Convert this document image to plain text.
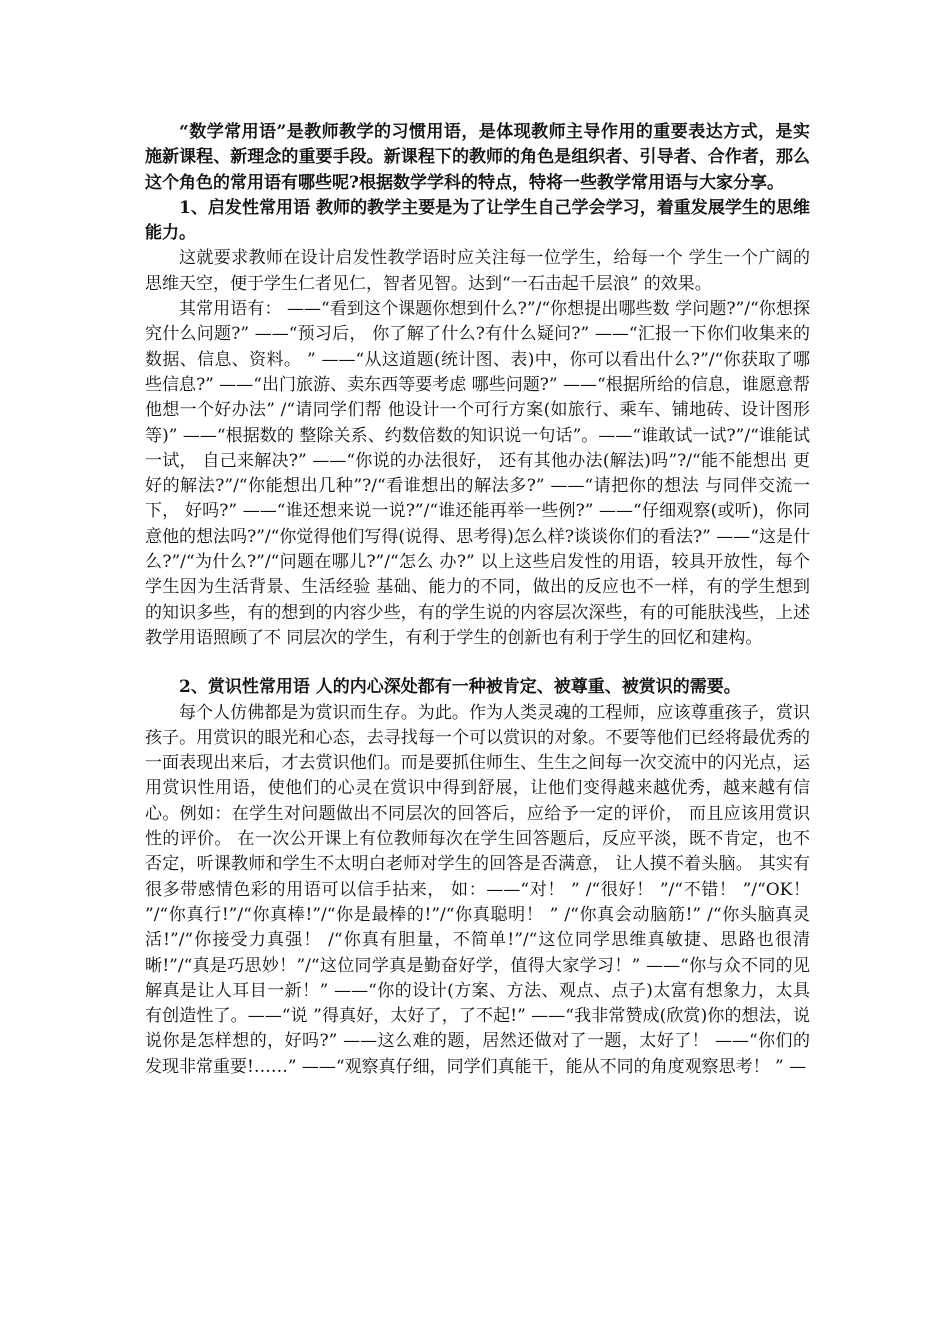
“数学常用语”是教师教学的习惯用语，是体现教师主导作用的重要表达方式，是实施新课程、新理念的重要手段。新课程下的教师的角色是组织者、引导者、合作者，那么这个角色的常用语有哪些呢?根据数学学科的特点，特将一些教学常用语与大家分享。

1、启发性常用语 教师的教学主要是为了让学生自己学会学习，着重发展学生的思维能力。

这就要求教师在设计启发性教学语时应关注每一位学生，给每一个 学生一个广阔的思维天空，便于学生仁者见仁，智者见智。达到“一石击起千层浪” 的效果。

其常用语有： ——“看到这个课题你想到什么?”/“你想提出哪些数 学问题?”/“你想探究什么问题?” ——“预习后， 你了解了什么?有什么疑问?” ——“汇报一下你们收集来的数据、信息、资料。 ” ——“从这道题(统计图、表)中，你可以看出什么?”/“你获取了哪些信息?” ——“出门旅游、卖东西等要考虑 哪些问题?” ——“根据所给的信息，谁愿意帮他想一个好办法” /“请同学们帮 他设计一个可行方案(如旅行、乘车、铺地砖、设计图形等)” ——“根据数的 整除关系、约数倍数的知识说一句话”。——“谁敢试一试?”/“谁能试一试， 自己来解决?” ——“你说的办法很好， 还有其他办法(解法)吗”?/“能不能想出 更好的解法?”/“你能想出几种”?/“看谁想出的解法多?” ——“请把你的想法 与同伴交流一下， 好吗?” ——“谁还想来说一说?”/“谁还能再举一些例?” ——“仔细观察(或听)，你同意他的想法吗?”/“你觉得他们写得(说得、思考得)怎么样?谈谈你们的看法?” ——“这是什么?”/“为什么?”/“问题在哪儿?”/“怎么 办?” 以上这些启发性的用语，较具开放性，每个学生因为生活背景、生活经验 基础、能力的不同，做出的反应也不一样，有的学生想到的知识多些，有的想到的内容少些，有的学生说的内容层次深些，有的可能肤浅些，上述教学用语照顾了不 同层次的学生，有利于学生的创新也有利于学生的回忆和建构。

2、赏识性常用语 人的内心深处都有一种被肯定、被尊重、被赏识的需要。

每个人仿佛都是为赏识而生存。为此。作为人类灵魂的工程师，应该尊重孩子，赏识孩子。用赏识的眼光和心态，去寻找每一个可以赏识的对象。不要等他们已经将最优秀的一面表现出来后，才去赏识他们。而是要抓住师生、生生之间每一次交流中的闪光点，运用赏识性用语，使他们的心灵在赏识中得到舒展，让他们变得越来越优秀，越来越有信心。例如：在学生对问题做出不同层次的回答后，应给予一定的评价， 而且应该用赏识性的评价。 在一次公开课上有位教师每次在学生回答题后，反应平淡，既不肯定，也不否定，听课教师和学生不太明白老师对学生的回答是否满意， 让人摸不着头脑。 其实有很多带感情色彩的用语可以信手拈来， 如：——“对！ ” /“很好！ ”/“不错！ ”/“OK！ ”/“你真行!”/“你真棒!”/“你是最棒的!”/“你真聪明！ ” /“你真会动脑筋!” /“你头脑真灵活!”/“你接受力真强！ /“你真有胆量，不简单!”/“这位同学思维真敏捷、思路也很清晰!”/“真是巧思妙！”/“这位同学真是勤奋好学，值得大家学习！” ——“你与众不同的见解真是让人耳目一新！” ——“你的设计(方案、方法、观点、点子)太富有想象力，太具有创造性了。——“说 ”得真好，太好了，了不起!” ——“我非常赞成(欣赏)你的想法，说说你是怎样想的，好吗?” ——这么难的题，居然还做对了一题，太好了！ ——“你们的 发现非常重要!……” ——“观察真仔细，同学们真能干，能从不同的角度观察思考！ ” —
